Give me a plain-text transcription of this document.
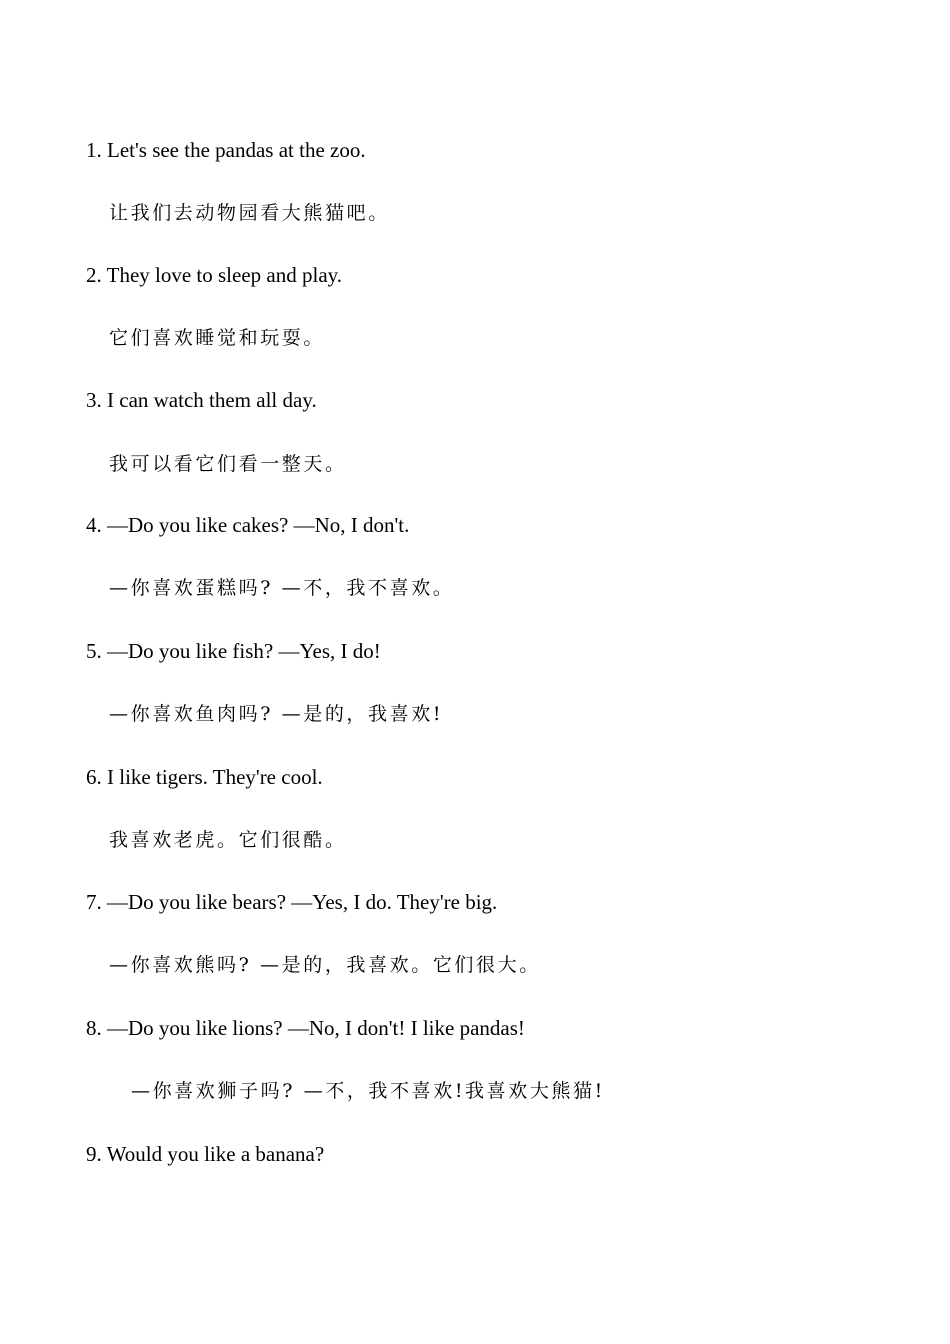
1. Let's see the pandas at the zoo.
让我们去动物园看大熊猫吧。
2. They love to sleep and play.
它们喜欢睡觉和玩耍。
3. I can watch them all day.
我可以看它们看一整天。
4. —Do you like cakes? —No, I don't.
—你喜欢蛋糕吗? —不，我不喜欢。
5. —Do you like fish? —Yes, I do!
—你喜欢鱼肉吗? —是的，我喜欢!
6. I like tigers. They're cool.
我喜欢老虎。它们很酷。
7. —Do you like bears? —Yes, I do. They're big.
—你喜欢熊吗? —是的，我喜欢。它们很大。
8. —Do you like lions? —No, I don't! I like pandas!
—你喜欢狮子吗? —不，我不喜欢!我喜欢大熊猫!
9. Would you like a banana?
